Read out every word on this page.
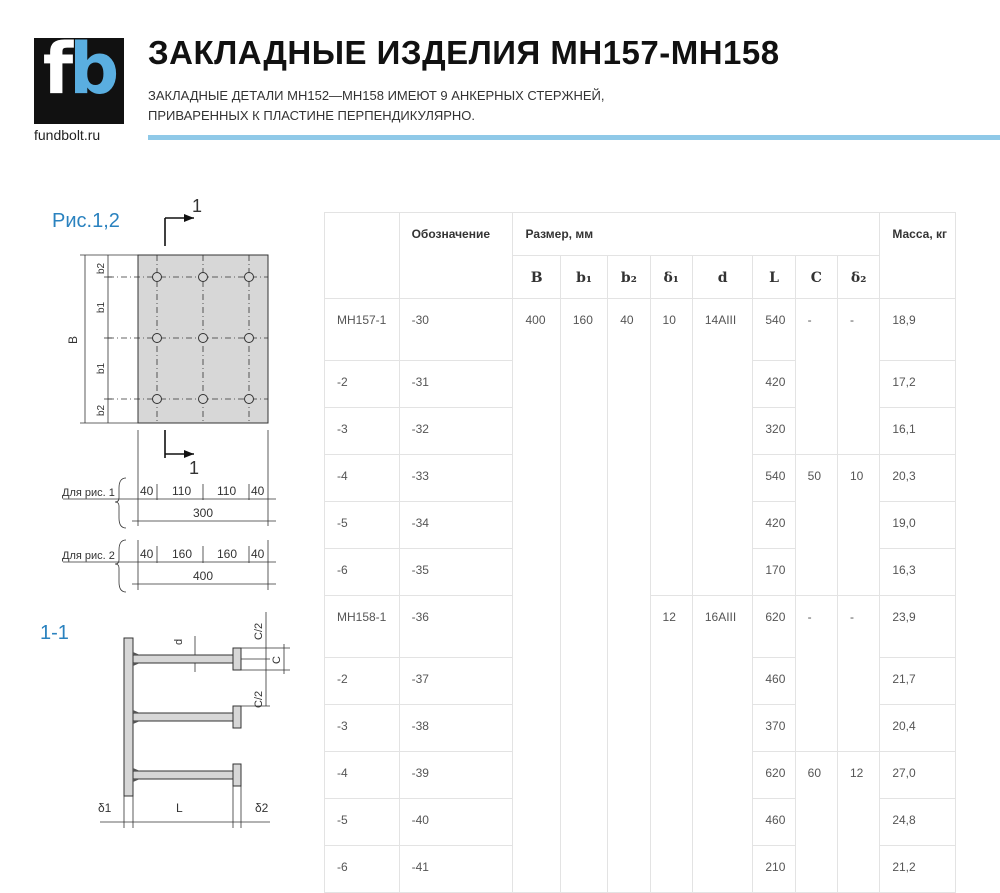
fb
fundbolt.ru
ЗАКЛАДНЫЕ ИЗДЕЛИЯ МН157-МН158
ЗАКЛАДНЫЕ ДЕТАЛИ МН152—МН158 ИМЕЮТ 9 АНКЕРНЫХ СТЕРЖНЕЙ,
ПРИВАРЕННЫХ К ПЛАСТИНЕ ПЕРПЕНДИКУЛЯРНО.
Рис.1,2
1-1
1
1
В
b2
b1
b1
b2
Для рис. 1 40 110 110 40
300
Для рис. 2 40 160 160 40
400
δ1	L	δ2
d
C/2
C
C/2
	Обозначение	Размер, мм								Масса, кг
		В	b₁	b₂	δ₁	d	L	C	δ₂	
МН157-1	-30	400	160	40	10	14АIII	540	-	-	18,9
-2	-31						420			17,2
-3	-32						320			16,1
-4	-33						540	50	10	20,3
-5	-34						420			19,0
-6	-35						170			16,3
МН158-1	-36				12	16АIII	620	-	-	23,9
-2	-37						460			21,7
-3	-38						370			20,4
-4	-39						620	60	12	27,0
-5	-40						460			24,8
-6	-41						210			21,2
